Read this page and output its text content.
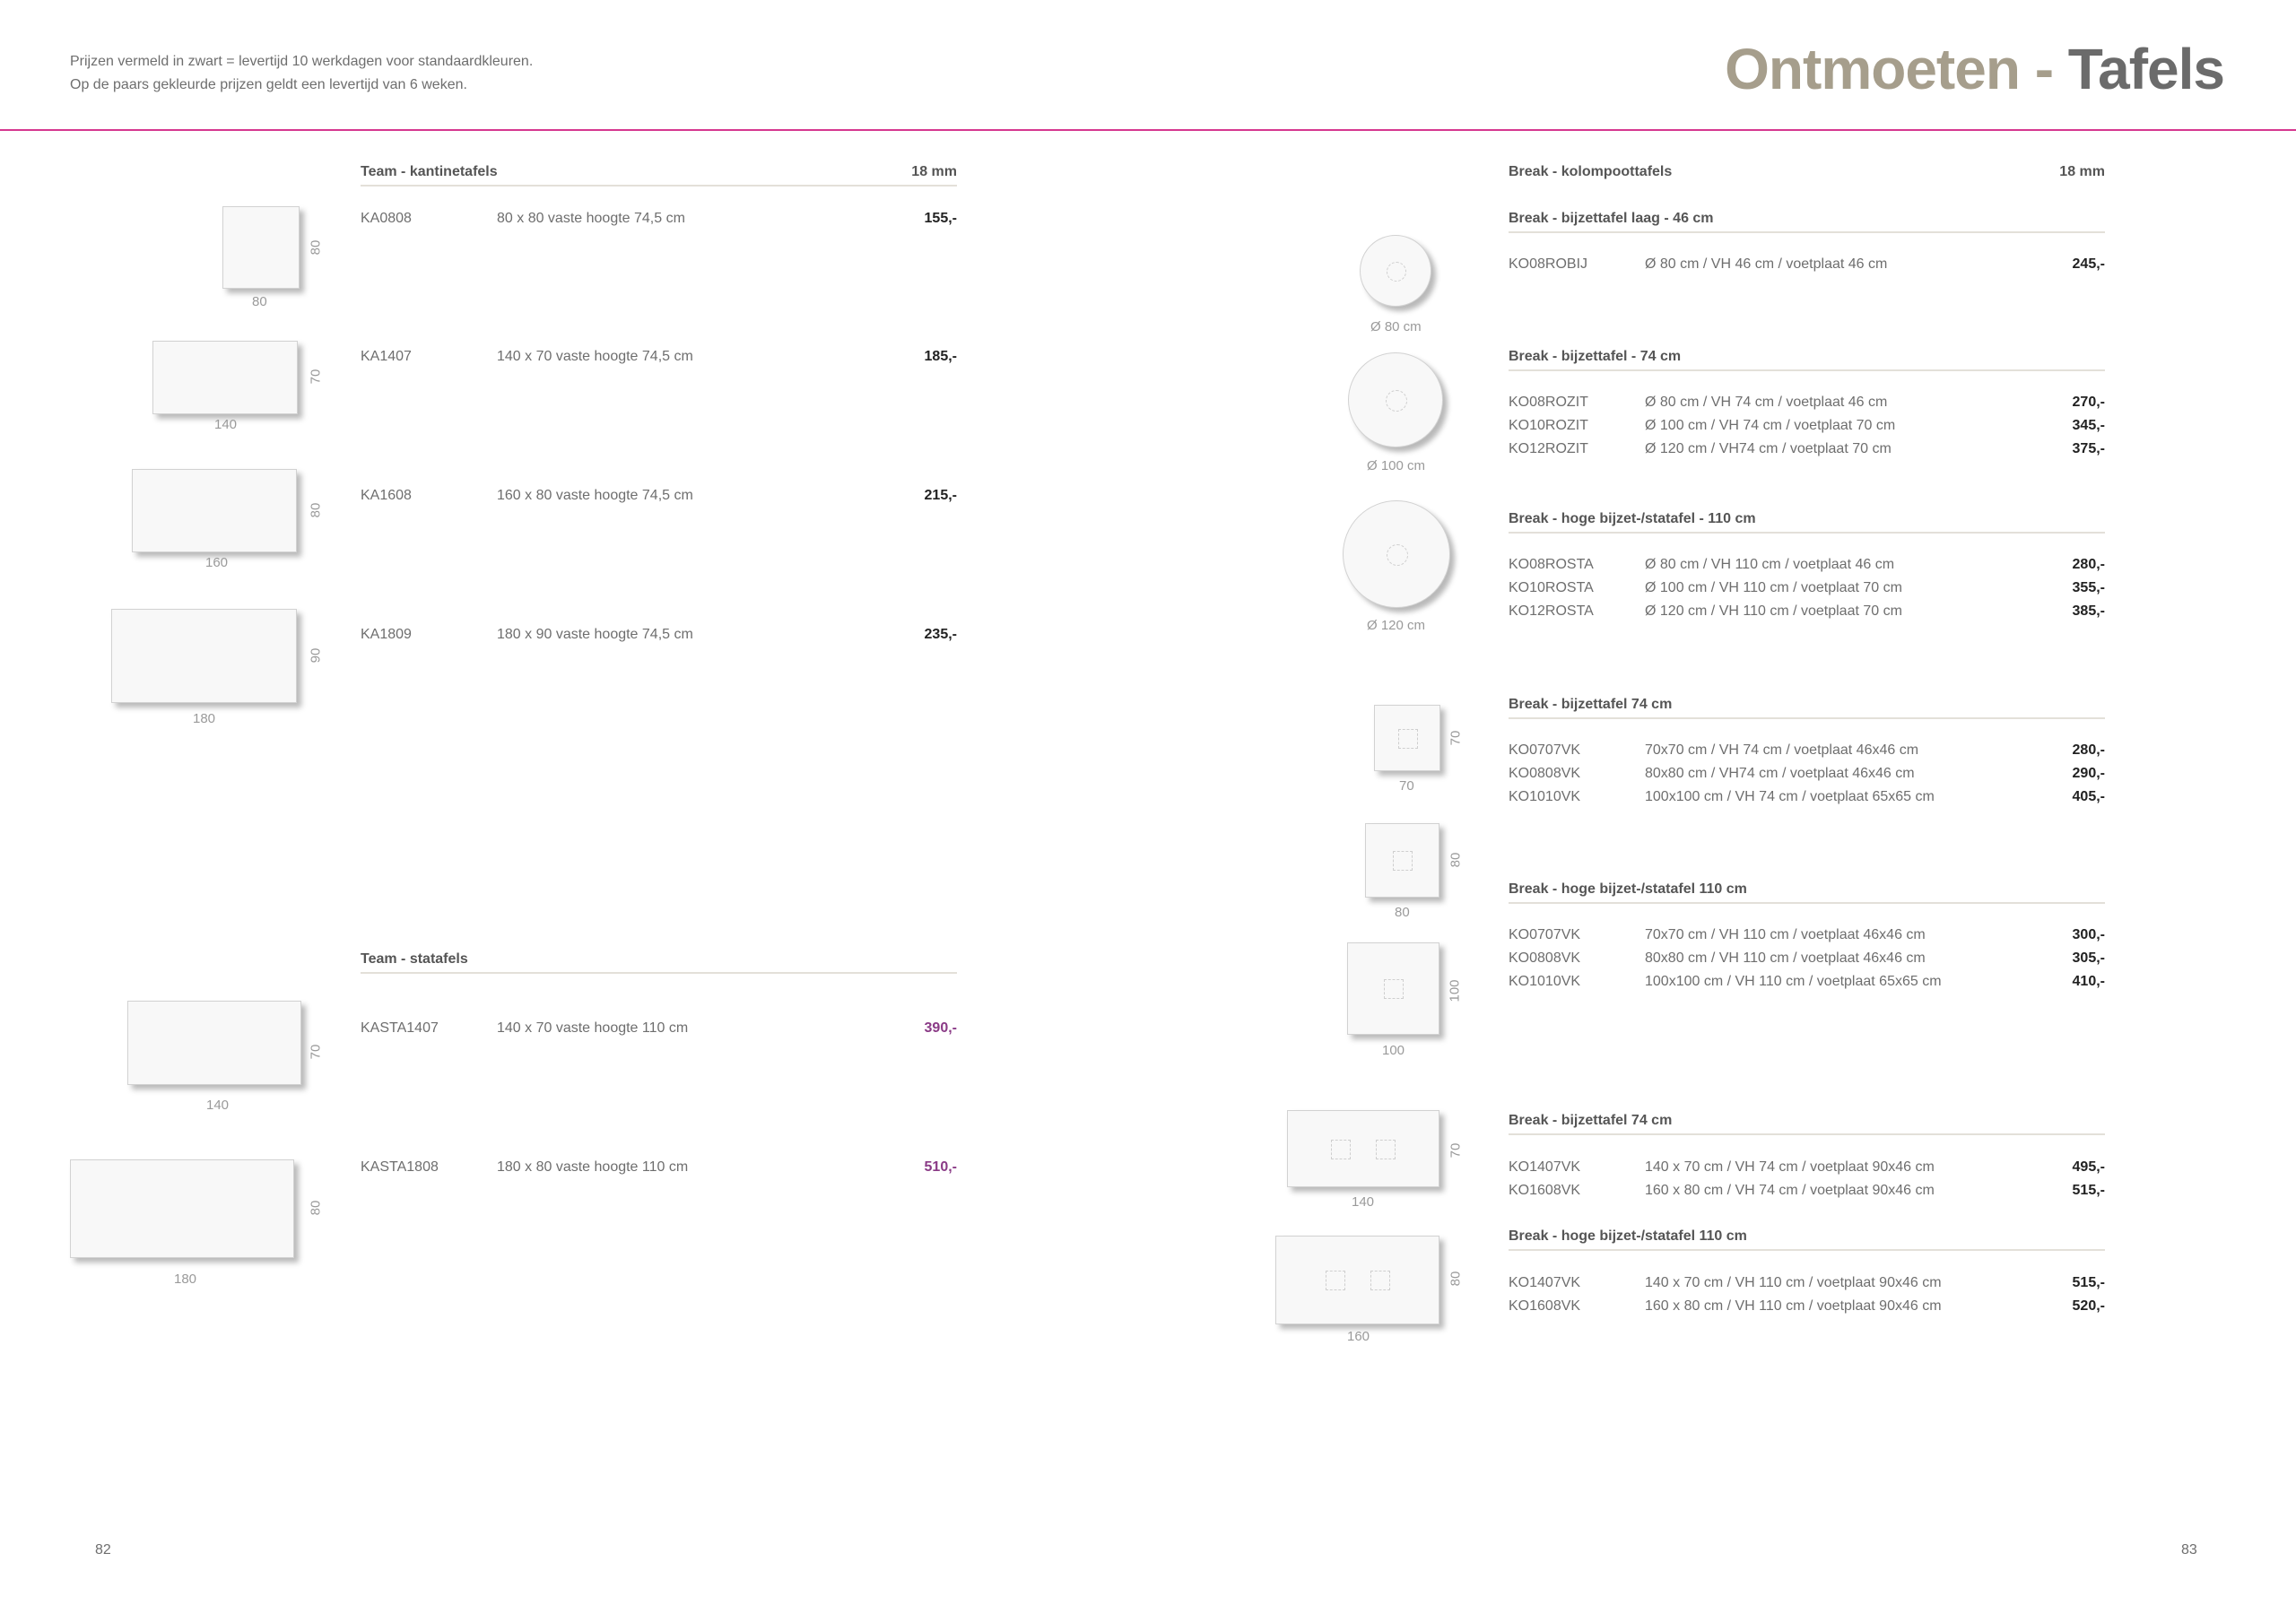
Prijzen vermeld in zwart = levertijd 10 werkdagen voor standaardkleuren.
Op de paars gekleurde prijzen geldt een levertijd van 6 weken.	Ontmoeten - Tafels
Team - kantinetafels	18 mm
80
80
KA0808	80 x 80 vaste hoogte 74,5 cm	155,-
140
70
KA1407	140 x 70 vaste hoogte 74,5 cm	185,-
160
80
KA1608	160 x 80 vaste hoogte 74,5 cm	215,-
180
90
KA1809	180 x 90 vaste hoogte 74,5 cm	235,-
Team - statafels
140
70
KASTA1407	140 x 70 vaste hoogte 110 cm	390,-
180
80
KASTA1808	180 x 80 vaste hoogte 110 cm	510,-
Break - kolompoottafels	18 mm
Ø 80 cm
Ø 100 cm
Ø 120 cm
70
70
80
80
100
100
140
70
160
80
Break - bijzettafel laag - 46 cm
KO08ROBIJ	Ø 80 cm / VH 46 cm / voetplaat 46 cm	245,-
Break - bijzettafel - 74 cm
KO08ROZIT	Ø 80 cm / VH 74 cm / voetplaat 46 cm	270,-
KO10ROZIT	Ø 100 cm / VH 74 cm / voetplaat 70 cm	345,-
KO12ROZIT	Ø 120 cm / VH74 cm / voetplaat 70 cm	375,-
Break - hoge bijzet-/statafel - 110 cm
KO08ROSTA	Ø 80 cm / VH 110 cm / voetplaat 46 cm	280,-
KO10ROSTA	Ø 100 cm / VH 110 cm / voetplaat 70 cm	355,-
KO12ROSTA	Ø 120 cm / VH 110 cm / voetplaat 70 cm	385,-
Break - bijzettafel 74 cm
KO0707VK	70x70 cm / VH 74 cm / voetplaat 46x46 cm	280,-
KO0808VK	80x80 cm / VH74 cm / voetplaat 46x46 cm	290,-
KO1010VK	100x100 cm / VH 74 cm / voetplaat 65x65 cm	405,-
Break - hoge bijzet-/statafel 110 cm
KO0707VK	70x70 cm / VH 110 cm / voetplaat 46x46 cm	300,-
KO0808VK	80x80 cm / VH 110 cm / voetplaat 46x46 cm	305,-
KO1010VK	100x100 cm / VH 110 cm / voetplaat 65x65 cm	410,-
Break - bijzettafel 74 cm
KO1407VK	140 x 70 cm / VH 74 cm / voetplaat 90x46 cm	495,-
KO1608VK	160 x 80 cm / VH 74 cm / voetplaat 90x46 cm	515,-
Break - hoge bijzet-/statafel 110 cm
KO1407VK	140 x 70 cm / VH 110 cm / voetplaat 90x46 cm	515,-
KO1608VK	160 x 80 cm / VH 110 cm / voetplaat 90x46 cm	520,-
82	83
